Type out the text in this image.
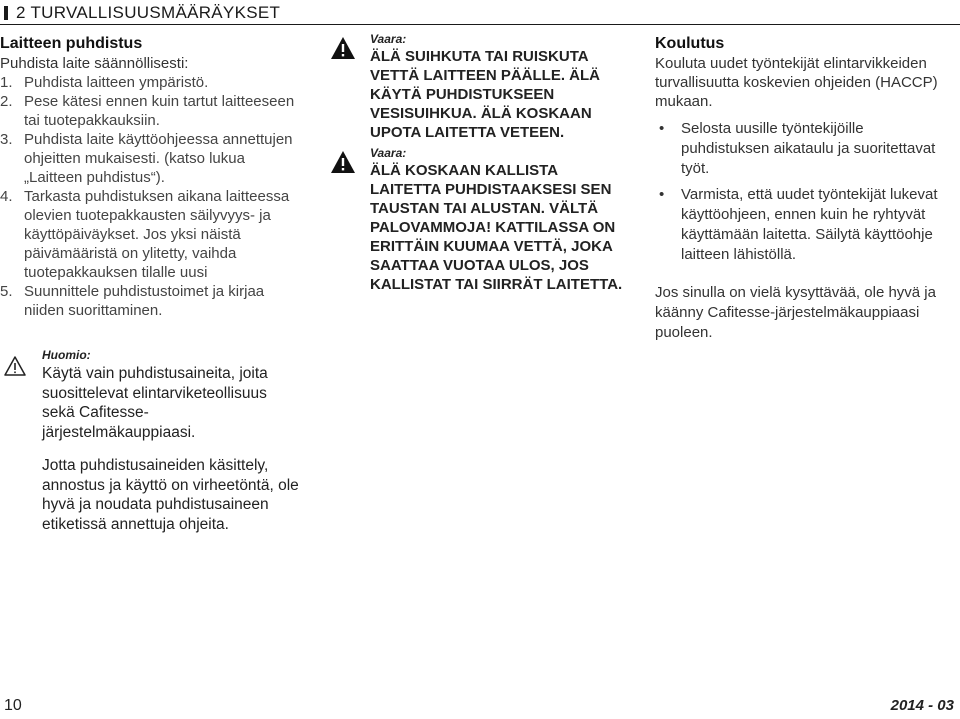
2 TURVALLISUUSMÄÄRÄYKSET
Laitteen puhdistus
Puhdista laite säännöllisesti:
1. Puhdista laitteen ympäristö.
2. Pese kätesi ennen kuin tartut laitteeseen tai tuotepakkauksiin.
3. Puhdista laite käyttöohjeessa annettujen ohjeitten mukaisesti. (katso lukua „Laitteen puhdistus“).
4. Tarkasta puhdistuksen aikana laitteessa olevien tuotepakkausten säilyvyys- ja käyttöpäiväykset. Jos yksi näistä päivämääristä on ylitetty, vaihda tuotepakkauksen tilalle uusi
5. Suunnittele puhdistustoimet ja kirjaa niiden suorittaminen.
Huomio:
Käytä vain puhdistusaineita, joita suosittelevat elintarviketeollisuus sekä Cafitesse-järjestelmäkauppiaasi.
Jotta puhdistusaineiden käsittely, annostus ja käyttö on virheetöntä, ole hyvä ja noudata puhdistusaineen etiketissä annettuja ohjeita.
Vaara:
ÄLÄ SUIHKUTA TAI RUISKUTA VETTÄ LAITTEEN PÄÄLLE. ÄLÄ KÄYTÄ PUHDISTUKSEEN VESISUIHKUA. ÄLÄ KOSKAAN UPOTA LAITETTA VETEEN.
Vaara:
ÄLÄ KOSKAAN KALLISTA LAITETTA PUHDISTAAKSESI SEN TAUSTAN TAI ALUSTAN. VÄLTÄ PALOVAMMOJA! KATTILASSA ON ERITTÄIN KUUMAA VETTÄ, JOKA SAATTAA VUOTAA ULOS, JOS KALLISTAT TAI SIIRRÄT LAITETTA.
Koulutus
Kouluta uudet työntekijät elintarvikkeiden turvallisuutta koskevien ohjeiden (HACCP) mukaan.
•	Selosta uusille työntekijöille puhdistuksen aikataulu ja suoritettavat työt.
•	Varmista, että uudet työntekijät lukevat käyttöohjeen, ennen kuin he ryhtyvät käyttämään laitetta. Säilytä käyttöohje laitteen lähistöllä.
Jos sinulla on vielä kysyttävää, ole hyvä ja käänny Cafitesse-järjestelmäkauppiaasi puoleen.
10	2014 - 03
